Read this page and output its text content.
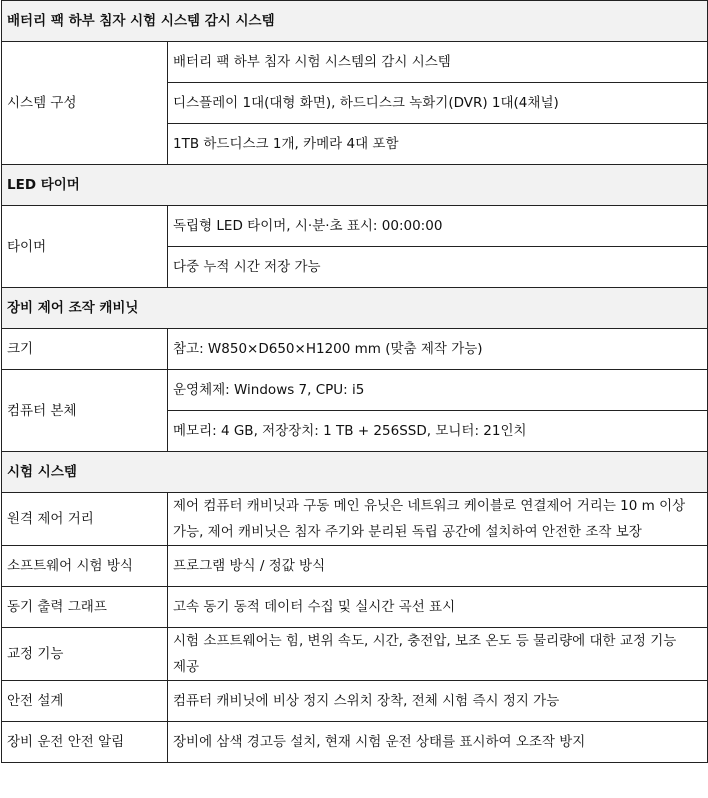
배터리 팩 하부 침자 시험 시스템 감시 시스템	
시스템 구성	배터리 팩 하부 침자 시험 시스템의 감시 시스템
	디스플레이 1대(대형 화면), 하드디스크 녹화기(DVR) 1대(4채널)
	1TB 하드디스크 1개, 카메라 4대 포함
LED 타이머	
타이머	독립형 LED 타이머, 시·분·초 표시: 00:00:00
	다중 누적 시간 저장 가능
장비 제어 조작 캐비닛	
크기	참고: W850×D650×H1200 mm (맞춤 제작 가능)
컴퓨터 본체	운영체제: Windows 7, CPU: i5
	메모리: 4 GB, 저장장치: 1 TB + 256SSD, 모니터: 21인치
시험 시스템	
원격 제어 거리	제어 컴퓨터 캐비닛과 구동 메인 유닛은 네트워크 케이블로 연결제어 거리는 10 m 이상 가능, 제어 캐비닛은 침자 주기와 분리된 독립 공간에 설치하여 안전한 조작 보장
소프트웨어 시험 방식	프로그램 방식 / 정값 방식
동기 출력 그래프	고속 동기 동적 데이터 수집 및 실시간 곡선 표시
교정 기능	시험 소프트웨어는 힘, 변위 속도, 시간, 충전압, 보조 온도 등 물리량에 대한 교정 기능 제공
안전 설계	컴퓨터 캐비닛에 비상 정지 스위치 장착, 전체 시험 즉시 정지 가능
장비 운전 안전 알림	장비에 삼색 경고등 설치, 현재 시험 운전 상태를 표시하여 오조작 방지
